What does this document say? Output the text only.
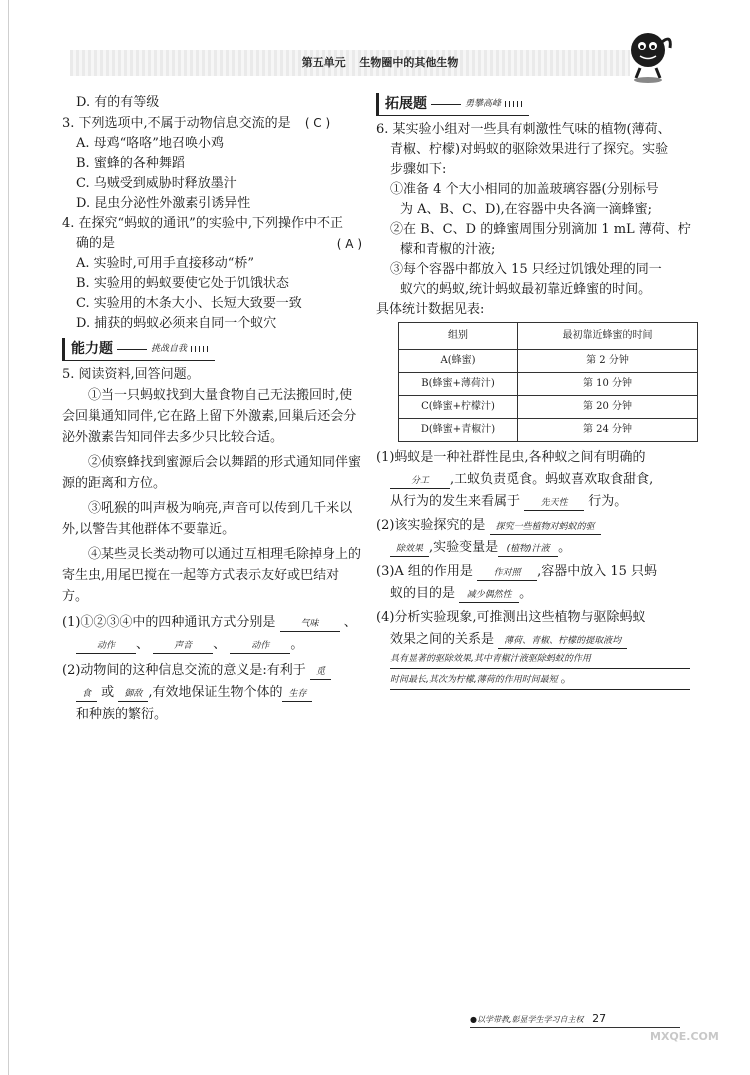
第五单元 生物圈中的其他生物
D. 有的有等级
3. 下列选项中,不属于动物信息交流的是 ( C )
A. 母鸡“咯咯”地召唤小鸡
B. 蜜蜂的各种舞蹈
C. 乌贼受到威胁时释放墨汁
D. 昆虫分泌性外激素引诱异性
4. 在探究“蚂蚁的通讯”的实验中,下列操作中不正
确的是	( A )
A. 实验时,可用手直接移动“桥”
B. 实验用的蚂蚁要使它处于饥饿状态
C. 实验用的木条大小、长短大致要一致
D. 捕获的蚂蚁必须来自同一个蚁穴
能力题	挑战自我
5. 阅读资料,回答问题。
①当一只蚂蚁找到大量食物自己无法搬回时,使会回巢通知同伴,它在路上留下外激素,回巢后还会分泌外激素告知同伴去多少只比较合适。
②侦察蜂找到蜜源后会以舞蹈的形式通知同伴蜜源的距离和方位。
③吼猴的叫声极为响亮,声音可以传到几千米以外,以警告其他群体不要靠近。
④某些灵长类动物可以通过互相理毛除掉身上的寄生虫,用尾巴搅在一起等方式表示友好或巴结对方。
(1)①②③④中的四种通讯方式分别是	气味 、
动作 、	声音 、	动作 。
(2)动物间的这种信息交流的意义是:有利于 觅
食 或 御敌 ,有效地保证生物个体的 生存
和种族的繁衍。
拓展题	勇攀高峰
6. 某实验小组对一些具有刺激性气味的植物(薄荷、
青椒、柠檬)对蚂蚁的驱除效果进行了探究。实验
步骤如下:
①准备 4 个大小相同的加盖玻璃容器(分别标号
为 A、B、C、D),在容器中央各滴一滴蜂蜜;
②在 B、C、D 的蜂蜜周围分别滴加 1 mL 薄荷、柠
檬和青椒的汁液;
③每个容器中都放入 15 只经过饥饿处理的同一
蚁穴的蚂蚁,统计蚂蚁最初靠近蜂蜜的时间。
具体统计数据见表:
组别	最初靠近蜂蜜的时间
A(蜂蜜)	第 2 分钟
B(蜂蜜+薄荷汁)	第 10 分钟
C(蜂蜜+柠檬汁)	第 20 分钟
D(蜂蜜+青椒汁)	第 24 分钟
(1)蚂蚁是一种社群性昆虫,各种蚁之间有明确的
分工 ,工蚁负责觅食。蚂蚁喜欢取食甜食,
从行为的发生来看属于 先天性 行为。
(2)该实验探究的是 探究一些植物对蚂蚁的驱
除效果 ,实验变量是 (植物)汁液 。
(3)A 组的作用是 作对照 ,容器中放入 15 只蚂
蚁的目的是 减少偶然性 。
(4)分析实验现象,可推测出这些植物与驱除蚂蚁
效果之间的关系是 薄荷、青椒、柠檬的提取液均
具有显著的驱除效果,其中青椒汁液驱除蚂蚁的作用
时间最长,其次为柠檬,薄荷的作用时间最短 。
●以学带教,彰显学生学习自主权 27
MXQE.COM
